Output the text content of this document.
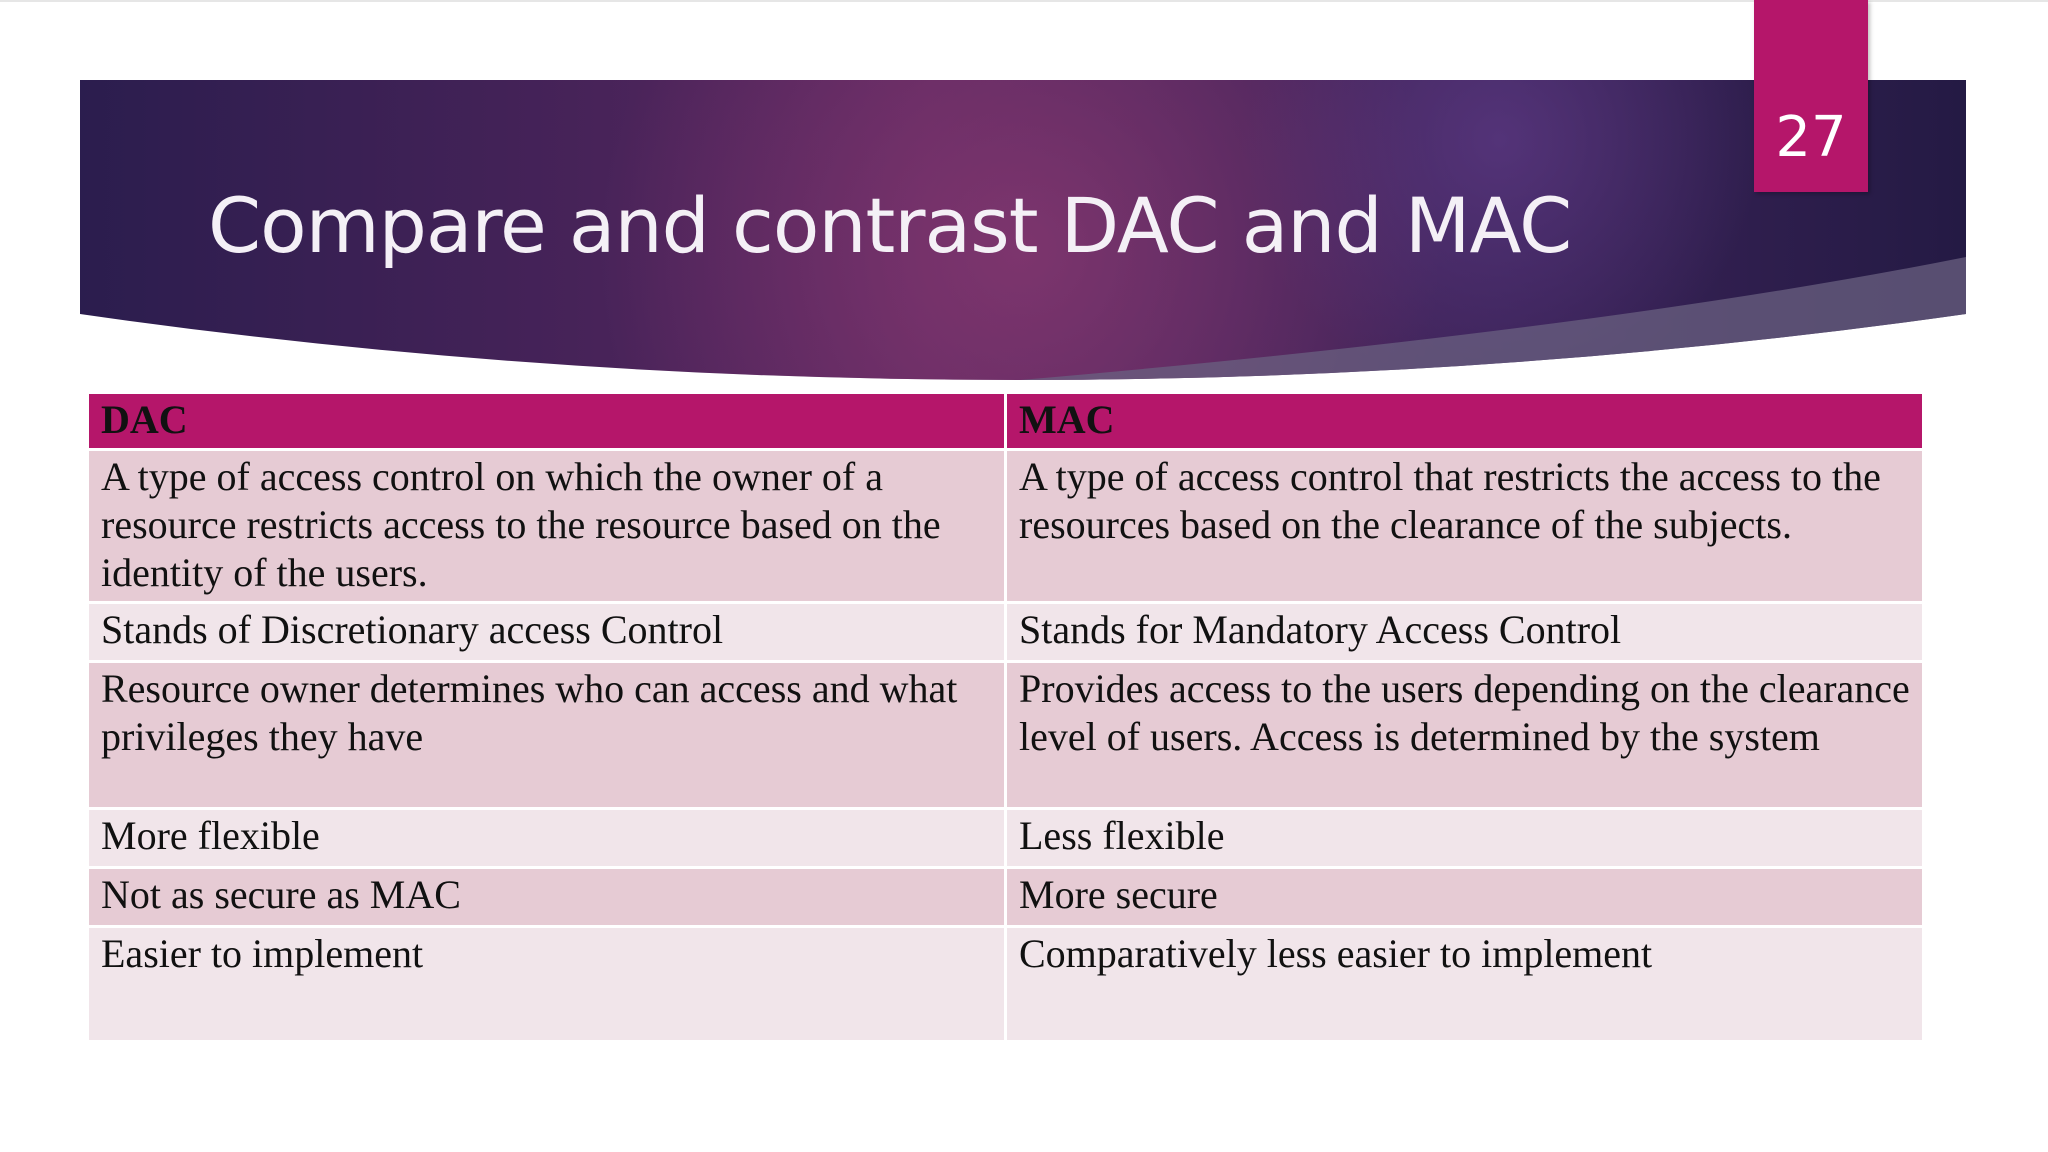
Compare and contrast DAC and MAC
27
DAC	MAC
A type of access control on which the owner of a resource restricts access to the resource based on the identity of the users.	A type of access control that restricts the access to the resources based on the clearance of the subjects.
Stands of Discretionary access Control	Stands for Mandatory Access Control
Resource owner determines who can access and what privileges they have	Provides access to the users depending on the clearance level of users. Access is determined by the system
More flexible	Less flexible
Not as secure as MAC	More secure
Easier to implement	Comparatively less easier to implement
